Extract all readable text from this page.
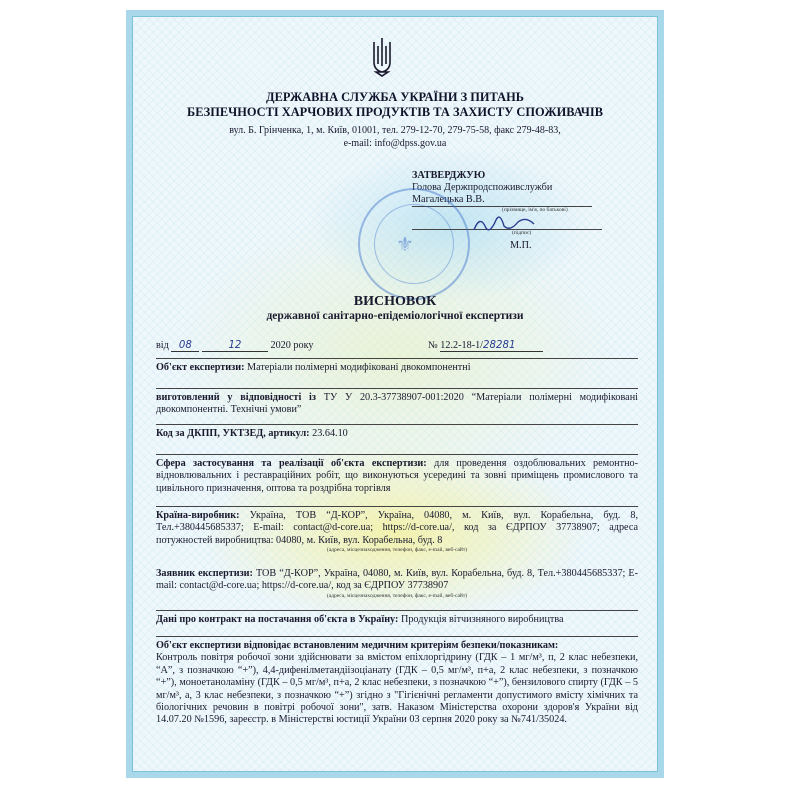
ДЕРЖАВНА СЛУЖБА УКРАЇНИ З ПИТАНЬ
БЕЗПЕЧНОСТІ ХАРЧОВИХ ПРОДУКТІВ ТА ЗАХИСТУ СПОЖИВАЧІВ
вул. Б. Грінченка, 1, м. Київ, 01001, тел. 279-12-70, 279-75-58, факс 279-48-83,
e-mail: info@dpss.gov.ua
ЗАТВЕРДЖУЮ
Голова Держпродспоживслужби
Магалецька В.В.
(прізвище, ім'я, по батькові)
(підпис)
М.П.
⚜
ВИСНОВОК
державної санітарно-епідеміологічної експертизи
від 08	12	2020 року	№ 12.2-18-1/28281
Об'єкт експертизи: Матеріали полімерні модифіковані двокомпонентні
виготовлений у відповідності із ТУ У 20.3-37738907-001:2020 “Матеріали полімерні модифіковані двокомпонентні. Технічні умови”
Код за ДКПП, УКТЗЕД, артикул: 23.64.10
Сфера застосування та реалізації об'єкта експертизи: для проведення оздоблювальних ремонтно-відновлювальних і реставраційних робіт, що виконуються усередині та зовні приміщень промислового та цивільного призначення, оптова та роздрібна торгівля
Країна-виробник: Україна, ТОВ “Д-КОР”, Україна, 04080, м. Київ, вул. Корабельна, буд. 8, Тел.+380445685337; E-mail: contact@d-core.ua; https://d-core.ua/, код за ЄДРПОУ 37738907; адреса потужностей виробництва: 04080, м. Київ, вул. Корабельна, буд. 8
(адреса, місцезнаходження, телефон, факс, e-mail, веб-сайт)
Заявник експертизи: ТОВ “Д-КОР”, Україна, 04080, м. Київ, вул. Корабельна, буд. 8, Тел.+380445685337; E-mail: contact@d-core.ua; https://d-core.ua/, код за ЄДРПОУ 37738907
(адреса, місцезнаходження, телефон, факс, e-mail, веб-сайт)
Дані про контракт на постачання об'єкта в Україну: Продукція вітчизняного виробництва
Об'єкт експертизи відповідає встановленим медичним критеріям безпеки/показникам:
Контроль повітря робочої зони здійснювати за вмістом епіхлоргідрину (ГДК – 1 мг/м³, п, 2 клас небезпеки, “А”, з позначкою “+”), 4,4-дифенілметандіізоціанату (ГДК – 0,5 мг/м³, п+а, 2 клас небезпеки, з позначкою “+”), моноетаноламіну (ГДК – 0,5 мг/м³, п+а, 2 клас небезпеки, з позначкою “+”), бензилового спирту (ГДК – 5 мг/м³, а, 3 клас небезпеки, з позначкою “+”) згідно з "Гігієнічні регламенти допустимого вмісту хімічних та біологічних речовин в повітрі робочої зони", затв. Наказом Міністерства охорони здоров'я України від 14.07.20 №1596, зареєстр. в Міністерстві юстиції України 03 серпня 2020 року за №741/35024.
